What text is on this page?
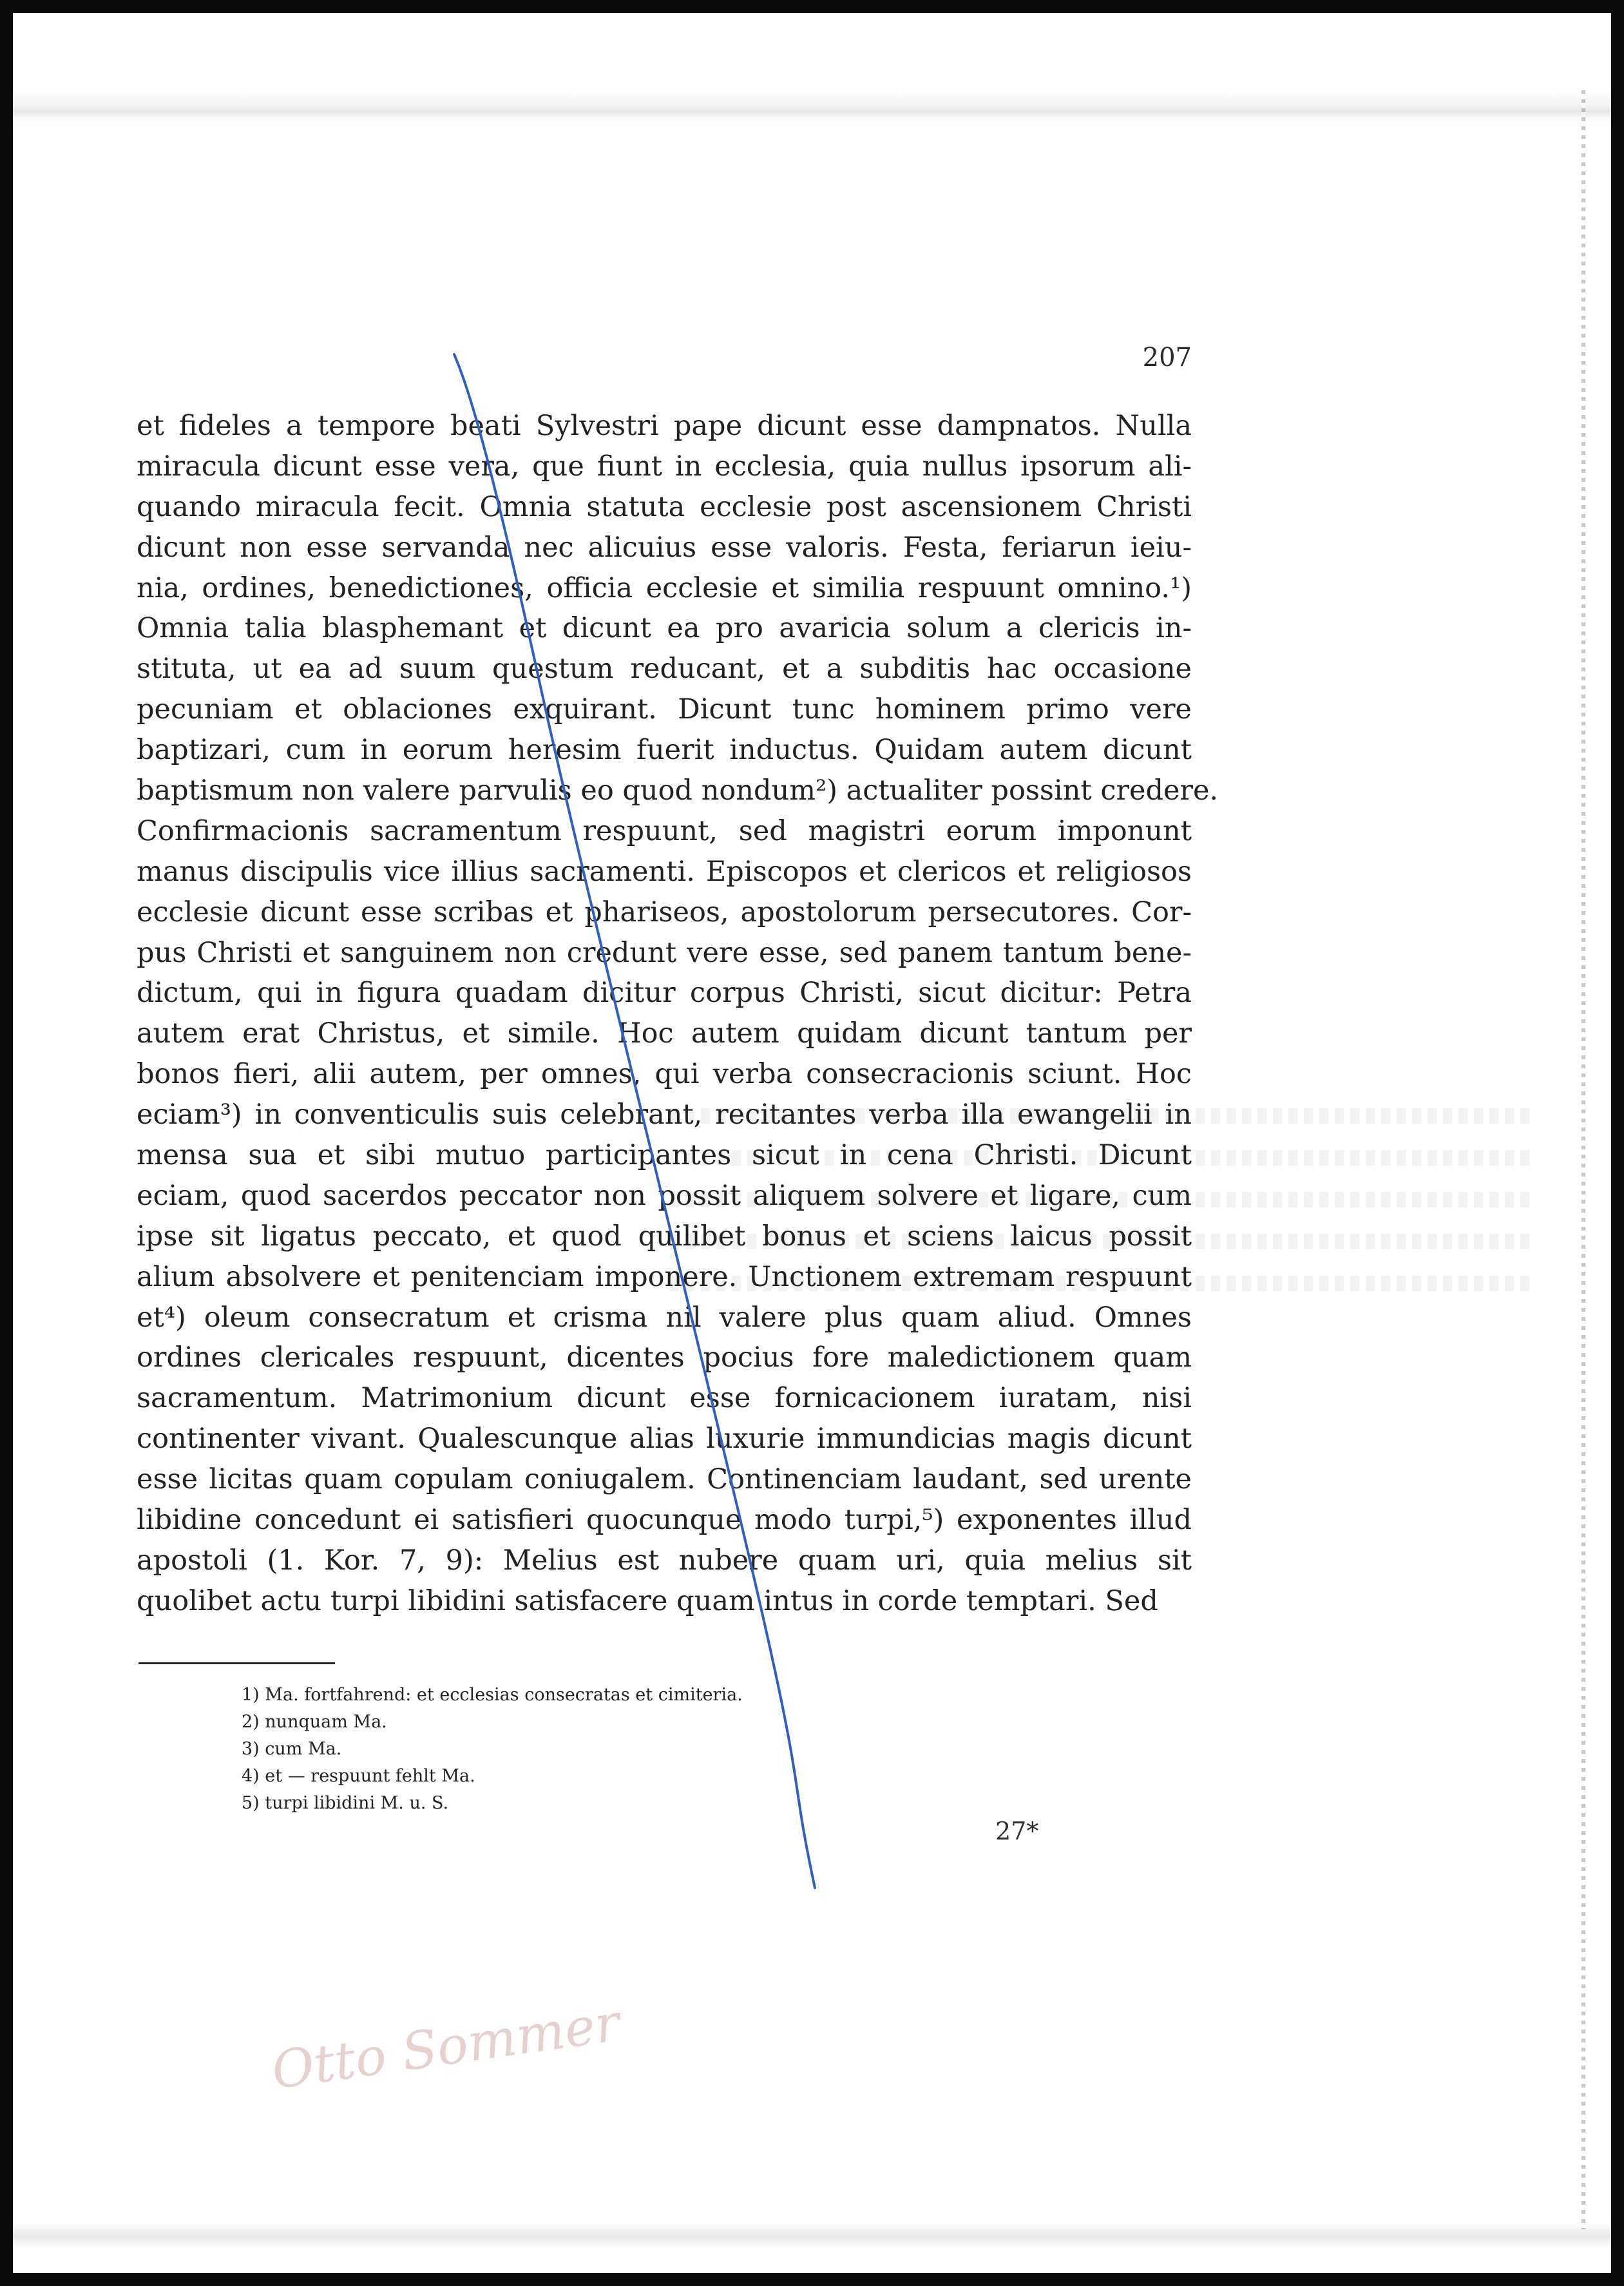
207
et fideles a tempore beati Sylvestri pape dicunt esse dampnatos. Nulla
miracula dicunt esse vera, que fiunt in ecclesia, quia nullus ipsorum ali-
quando miracula fecit. Omnia statuta ecclesie post ascensionem Christi
dicunt non esse servanda nec alicuius esse valoris. Festa, feriarun ieiu-
nia, ordines, benedictiones, officia ecclesie et similia respuunt omnino.¹)
Omnia talia blasphemant et dicunt ea pro avaricia solum a clericis in-
stituta, ut ea ad suum questum reducant, et a subditis hac occasione
pecuniam et oblaciones exquirant. Dicunt tunc hominem primo vere
baptizari, cum in eorum heresim fuerit inductus. Quidam autem dicunt
baptismum non valere parvulis eo quod nondum²) actualiter possint credere.
Confirmacionis sacramentum respuunt, sed magistri eorum imponunt
manus discipulis vice illius sacramenti. Episcopos et clericos et religiosos
ecclesie dicunt esse scribas et phariseos, apostolorum persecutores. Cor-
pus Christi et sanguinem non credunt vere esse, sed panem tantum bene-
dictum, qui in figura quadam dicitur corpus Christi, sicut dicitur: Petra
autem erat Christus, et simile. Hoc autem quidam dicunt tantum per
bonos fieri, alii autem, per omnes, qui verba consecracionis sciunt. Hoc
eciam³) in conventiculis suis celebrant, recitantes verba illa ewangelii in
mensa sua et sibi mutuo participantes sicut in cena Christi. Dicunt
eciam, quod sacerdos peccator non possit aliquem solvere et ligare, cum
ipse sit ligatus peccato, et quod quilibet bonus et sciens laicus possit
alium absolvere et penitenciam imponere. Unctionem extremam respuunt
et⁴) oleum consecratum et crisma nil valere plus quam aliud. Omnes
ordines clericales respuunt, dicentes pocius fore maledictionem quam
sacramentum. Matrimonium dicunt esse fornicacionem iuratam, nisi
continenter vivant. Qualescunque alias luxurie immundicias magis dicunt
esse licitas quam copulam coniugalem. Continenciam laudant, sed urente
libidine concedunt ei satisfieri quocunque modo turpi,⁵) exponentes illud
apostoli (1. Kor. 7, 9): Melius est nubere quam uri, quia melius sit
quolibet actu turpi libidini satisfacere quam intus in corde temptari. Sed
1) Ma. fortfahrend: et ecclesias consecratas et cimiteria.
2) nunquam Ma.
3) cum Ma.
4) et — respuunt fehlt Ma.
5) turpi libidini M. u. S.
27*
Otto Sommer
